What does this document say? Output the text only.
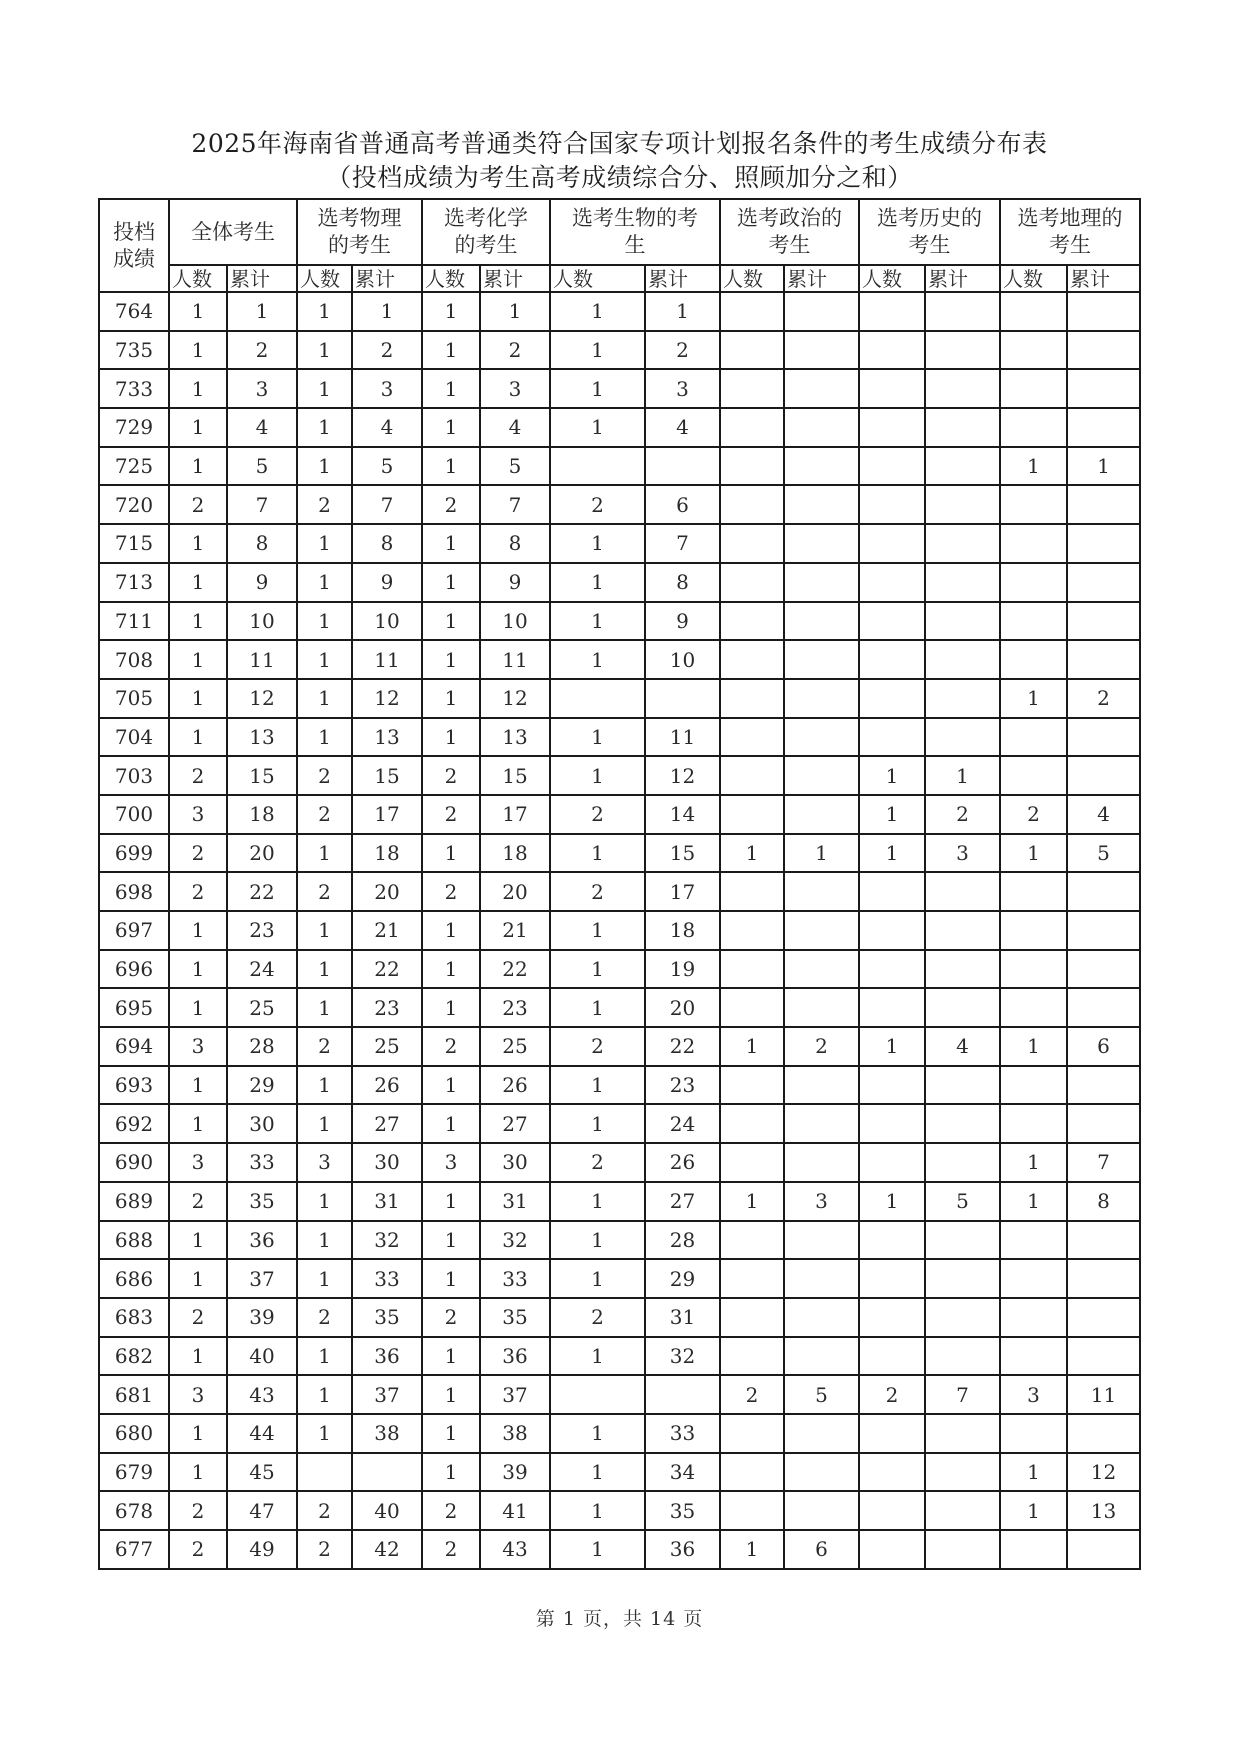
2025年海南省普通高考普通类符合国家专项计划报名条件的考生成绩分布表
（投档成绩为考生高考成绩综合分、照顾加分之和）
投档成绩	全体考生		选考物理的考生		选考化学的考生		选考生物的考生		选考政治的考生		选考历史的考生		选考地理的考生	
	人数	累计	人数	累计	人数	累计	人数	累计	人数	累计	人数	累计	人数	累计
764	1	1	1	1	1	1	1	1						
735	1	2	1	2	1	2	1	2						
733	1	3	1	3	1	3	1	3						
729	1	4	1	4	1	4	1	4						
725	1	5	1	5	1	5							1	1
720	2	7	2	7	2	7	2	6						
715	1	8	1	8	1	8	1	7						
713	1	9	1	9	1	9	1	8						
711	1	10	1	10	1	10	1	9						
708	1	11	1	11	1	11	1	10						
705	1	12	1	12	1	12							1	2
704	1	13	1	13	1	13	1	11						
703	2	15	2	15	2	15	1	12			1	1		
700	3	18	2	17	2	17	2	14			1	2	2	4
699	2	20	1	18	1	18	1	15	1	1	1	3	1	5
698	2	22	2	20	2	20	2	17						
697	1	23	1	21	1	21	1	18						
696	1	24	1	22	1	22	1	19						
695	1	25	1	23	1	23	1	20						
694	3	28	2	25	2	25	2	22	1	2	1	4	1	6
693	1	29	1	26	1	26	1	23						
692	1	30	1	27	1	27	1	24						
690	3	33	3	30	3	30	2	26					1	7
689	2	35	1	31	1	31	1	27	1	3	1	5	1	8
688	1	36	1	32	1	32	1	28						
686	1	37	1	33	1	33	1	29						
683	2	39	2	35	2	35	2	31						
682	1	40	1	36	1	36	1	32						
681	3	43	1	37	1	37			2	5	2	7	3	11
680	1	44	1	38	1	38	1	33						
679	1	45			1	39	1	34					1	12
678	2	47	2	40	2	41	1	35					1	13
677	2	49	2	42	2	43	1	36	1	6				
第 1 页，共 14 页
